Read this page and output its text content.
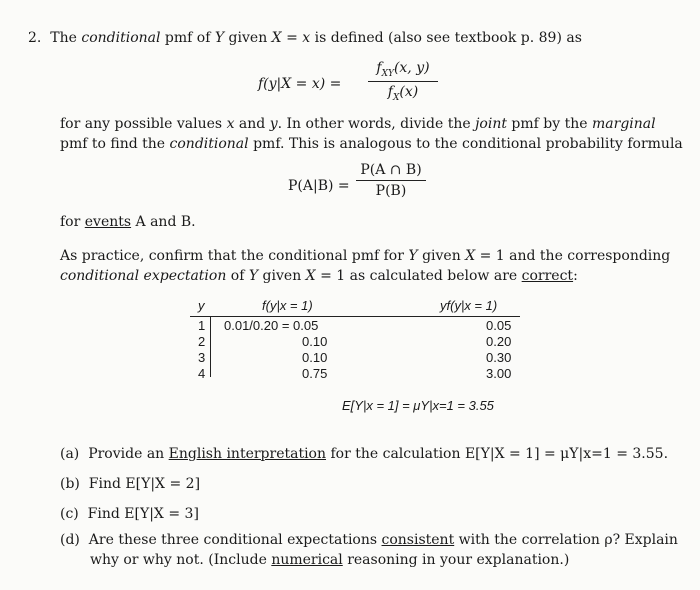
2. The conditional pmf of Y given X = x is defined (also see textbook p. 89) as
f(y|X = x) =
$f_{XY}(x$, y)
$f_X(x)$
for any possible values x and y. In other words, divide the joint pmf by the marginal
pmf to find the conditional pmf. This is analogous to the conditional probability formula
$P(A|B) = \frac{P(A \cap B)}{P(B)}$
for events A and B.
As practice, confirm that the conditional pmf for Y given X = 1 and the corresponding
conditional expectation of Y given X = 1 as calculated below are correct:
y	f(y|x = 1)	yf(y|x = 1)
1 0.01/0.20 = 0.05	0.05
2	0.10	0.20
3	0.10	0.30
4	0.75	3.00
E[Y|x = 1] = μY|x=1 = 3.55
(a) Provide an English interpretation for the calculation E[Y|X = 1] = μY|x=1 = 3.55.
(b) Find E[Y|X = 2]
(c) Find E[Y|X = 3]
(d) Are these three conditional expectations consistent with the correlation ρ? Explain
why or why not. (Include numerical reasoning in your explanation.)
